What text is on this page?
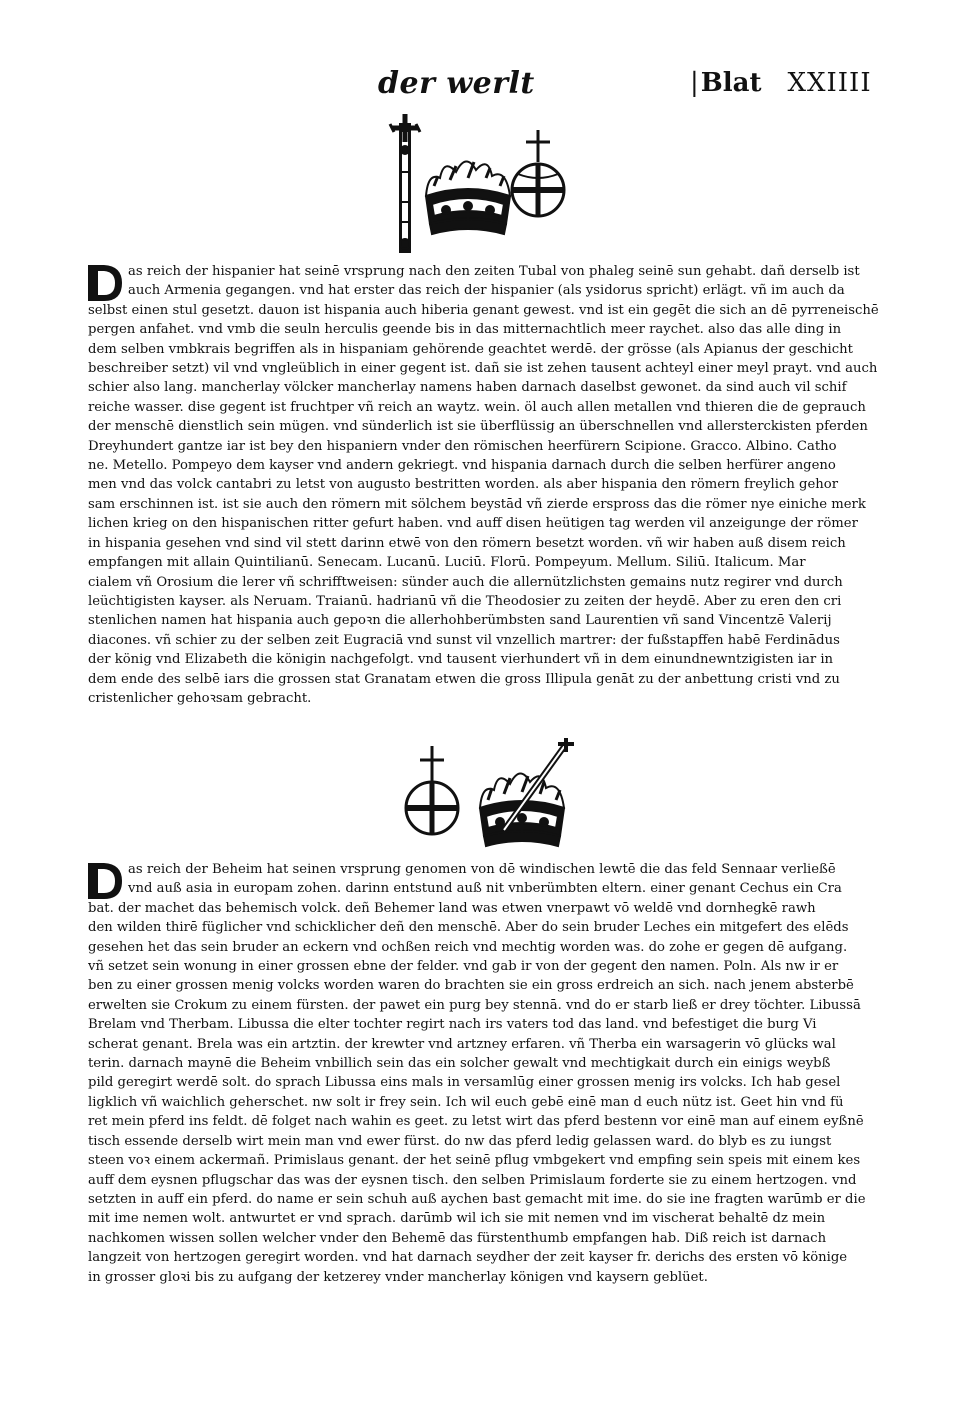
der werlt	|Blat XXIIII
as reich der hispanier hat seinē vrsprung nach den zeiten Tubal von phaleg seinē sun gehabt. dañ derselb ist
auch Armenia gegangen. vnd hat erster das reich der hispanier (als ysidorus spricht) erlägt. vñ im auch da
selbst einen stul gesetzt. dauon ist hispania auch hiberia genant gewest. vnd ist ein gegēt die sich an dē pyrreneischē
pergen anfahet. vnd vmb die seuln herculis geende bis in das mitternachtlich meer raychet. also das alle ding in
dem selben vmbkrais begriffen als in hispaniam gehörende geachtet werdē. der grösse (als Apianus der geschicht
beschreiber setzt) vil vnd vngleüblich in einer gegent ist. dañ sie ist zehen tausent achteyl einer meyl prayt. vnd auch
schier also lang. mancherlay völcker mancherlay namens haben darnach daselbst gewonet. da sind auch vil schif
reiche wasser. dise gegent ist fruchtper vñ reich an waytz. wein. öl auch allen metallen vnd thieren die de geprauch
der menschē dienstlich sein mügen. vnd sünderlich ist sie überflüssig an überschnellen vnd allersterckisten pferden
Dreyhundert gantze iar ist bey den hispaniern vnder den römischen heerfürern Scipione. Gracco. Albino. Catho
ne. Metello. Pompeyo dem kayser vnd andern gekriegt. vnd hispania darnach durch die selben herfürer angeno
men vnd das volck cantabri zu letst von augusto bestritten worden. als aber hispania den römern freylich gehor
sam erschinnen ist. ist sie auch den römern mit sölchem beystād vñ zierde erspross das die römer nye einiche merk
lichen krieg on den hispanischen ritter gefurt haben. vnd auff disen heütigen tag werden vil anzeigunge der römer
in hispania gesehen vnd sind vil stett darinn etwē von den römern besetzt worden. vñ wir haben auß disem reich
empfangen mit allain Quintilianū. Senecam. Lucanū. Luciū. Florū. Pompeyum. Mellum. Siliū. Italicum. Mar
cialem vñ Orosium die lerer vñ schrifftweisen: sünder auch die allernützlichsten gemains nutz regirer vnd durch
leüchtigisten kayser. als Neruam. Traianū. hadrianū vñ die Theodosier zu zeiten der heydē. Aber zu eren den cri
stenlichen namen hat hispania auch gepoꝛn die allerhohberümbsten sand Laurentien vñ sand Vincentzē Valerij
diacones. vñ schier zu der selben zeit Eugraciā vnd sunst vil vnzellich martrer: der fußstapffen habē Ferdinādus
der könig vnd Elizabeth die königin nachgefolgt. vnd tausent vierhundert vñ in dem einundnewntzigisten iar in
dem ende des selbē iars die grossen stat Granatam etwen die gross Illipula genāt zu der anbettung cristi vnd zu
cristenlicher gehoꝛsam gebracht.
as reich der Beheim hat seinen vrsprung genomen von dē windischen lewtē die das feld Sennaar verließē
vnd auß asia in europam zohen. darinn entstund auß nit vnberümbten eltern. einer genant Cechus ein Cra
bat. der machet das behemisch volck. deñ Behemer land was etwen vnerpawt vō weldē vnd dornhegkē rawh
den wilden thirē füglicher vnd schicklicher deñ den menschē. Aber do sein bruder Leches ein mitgefert des elēds
gesehen het das sein bruder an eckern vnd ochßen reich vnd mechtig worden was. do zohe er gegen dē aufgang.
vñ setzet sein wonung in einer grossen ebne der felder. vnd gab ir von der gegent den namen. Poln. Als nw ir er
ben zu einer grossen menig volcks worden waren do brachten sie ein gross erdreich an sich. nach jenem absterbē
erwelten sie Crokum zu einem fürsten. der pawet ein purg bey stennā. vnd do er starb ließ er drey töchter. Libussā
Brelam vnd Therbam. Libussa die elter tochter regirt nach irs vaters tod das land. vnd befestiget die burg Vi
scherat genant. Brela was ein artztin. der krewter vnd artzney erfaren. vñ Therba ein warsagerin vō glücks wal
terin. darnach maynē die Beheim vnbillich sein das ein solcher gewalt vnd mechtigkait durch ein einigs weybß
pild geregirt werdē solt. do sprach Libussa eins mals in versamlūg einer grossen menig irs volcks. Ich hab gesel
ligklich vñ waichlich geherschet. nw solt ir frey sein. Ich wil euch gebē einē man d euch nütz ist. Geet hin vnd fü
ret mein pferd ins feldt. dē folget nach wahin es geet. zu letst wirt das pferd bestenn vor einē man auf einem eyßnē
tisch essende derselb wirt mein man vnd ewer fürst. do nw das pferd ledig gelassen ward. do blyb es zu iungst
steen voꝛ einem ackermañ. Primislaus genant. der het seinē pflug vmbgekert vnd empfing sein speis mit einem kes
auff dem eysnen pflugschar das was der eysnen tisch. den selben Primislaum forderte sie zu einem hertzogen. vnd
setzten in auff ein pferd. do name er sein schuh auß aychen bast gemacht mit ime. do sie ine fragten warūmb er die
mit ime nemen wolt. antwurtet er vnd sprach. darūmb wil ich sie mit nemen vnd im vischerat behaltē dz mein
nachkomen wissen sollen welcher vnder den Behemē das fürstenthumb empfangen hab. Diß reich ist darnach
langzeit von hertzogen geregirt worden. vnd hat darnach seydher der zeit kayser fr. derichs des ersten vō könige
in grosser gloꝛi bis zu aufgang der ketzerey vnder mancherlay königen vnd kaysern geblüet.
